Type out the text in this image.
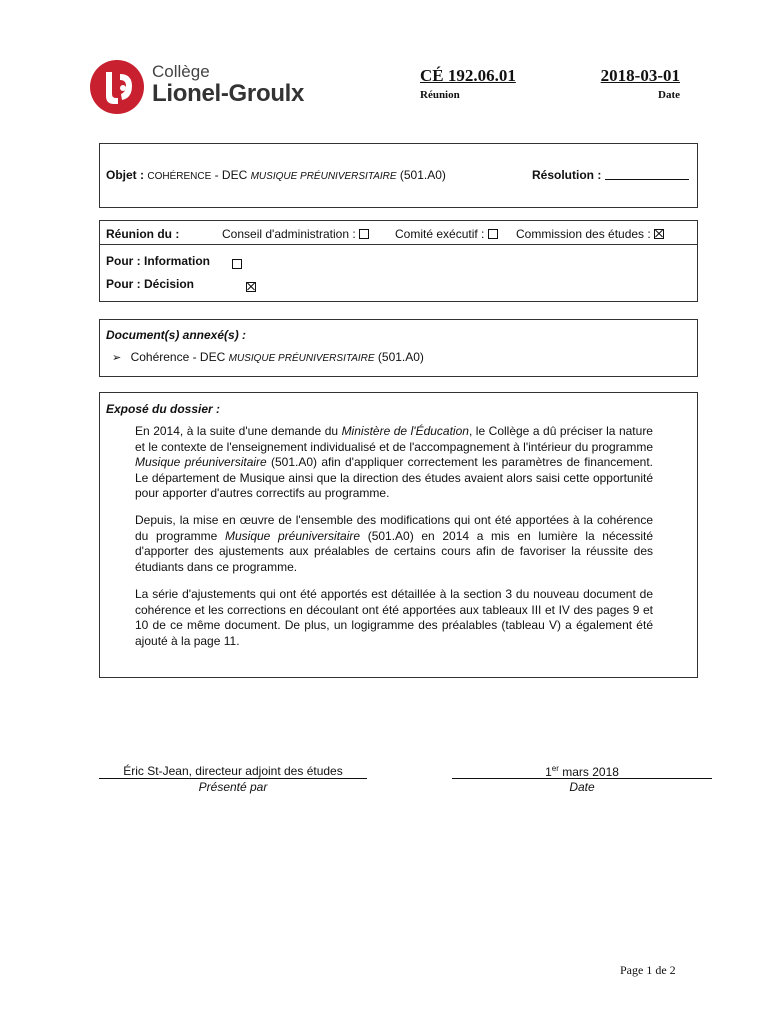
Collège
Lionel-Groulx
CÉ 192.06.01
Réunion
2018-03-01
Date
Objet : COHÉRENCE - DEC MUSIQUE PRÉUNIVERSITAIRE (501.A0)	Résolution :
Réunion du :	Conseil d'administration :	Comité exécutif :	Commission des études :
Pour : Information

Pour : Décision
Document(s) annexé(s) :
➢ Cohérence - DEC MUSIQUE PRÉUNIVERSITAIRE (501.A0)
Exposé du dossier :
En 2014, à la suite d'une demande du Ministère de l'Éducation, le Collège a dû préciser la nature et le contexte de l'enseignement individualisé et de l'accompagnement à l'intérieur du programme Musique préuniversitaire (501.A0) afin d'appliquer correctement les paramètres de financement. Le département de Musique ainsi que la direction des études avaient alors saisi cette opportunité pour apporter d'autres correctifs au programme.
Depuis, la mise en œuvre de l'ensemble des modifications qui ont été apportées à la cohérence du programme Musique préuniversitaire (501.A0) en 2014 a mis en lumière la nécessité d'apporter des ajustements aux préalables de certains cours afin de favoriser la réussite des étudiants dans ce programme.
La série d'ajustements qui ont été apportés est détaillée à la section 3 du nouveau document de cohérence et les corrections en découlant ont été apportées aux tableaux III et IV des pages 9 et 10 de ce même document. De plus, un logigramme des préalables (tableau V) a également été ajouté à la page 11.
Éric St-Jean, directeur adjoint des études
Présenté par
1er mars 2018
Date
Page 1 de 2
